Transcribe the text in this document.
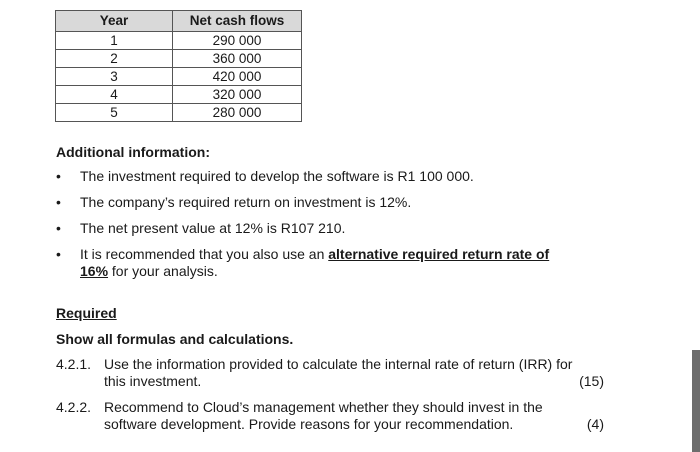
Year	Net cash flows
1	290 000
2	360 000
3	420 000
4	320 000
5	280 000
Additional information:
• The investment required to develop the software is R1 100 000.
• The company’s required return on investment is 12%.
• The net present value at 12% is R107 210.
• It is recommended that you also use an alternative required return rate of
16% for your analysis.
Required
Show all formulas and calculations.
4.2.1. Use the information provided to calculate the internal rate of return (IRR) for this investment.	(15)
4.2.2. Recommend to Cloud’s management whether they should invest in the software development. Provide reasons for your recommendation.	(4)
